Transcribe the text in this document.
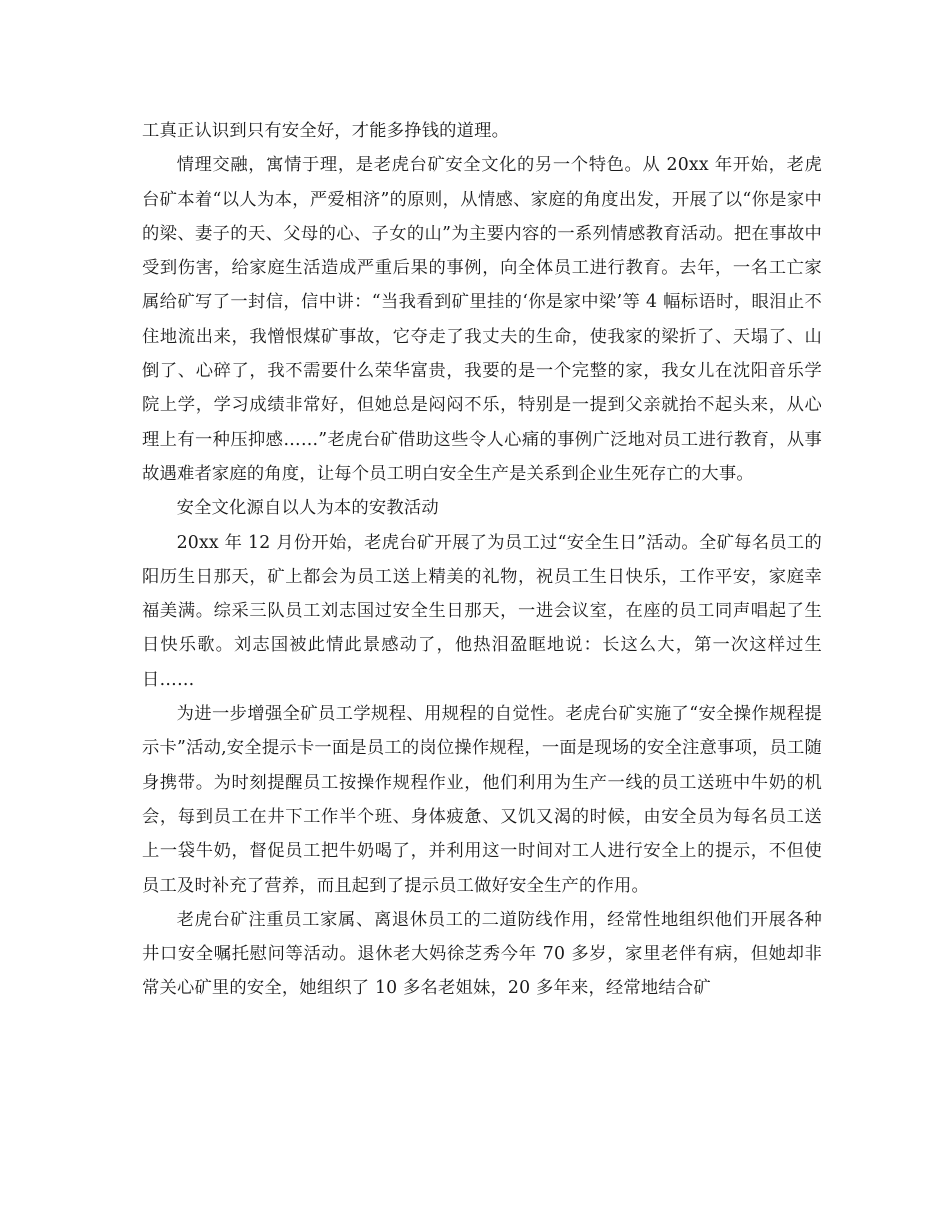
工真正认识到只有安全好，才能多挣钱的道理。

情理交融，寓情于理，是老虎台矿安全文化的另一个特色。从 20xx 年开始，老虎台矿本着“以人为本，严爱相济”的原则，从情感、家庭的角度出发，开展了以“你是家中的梁、妻子的天、父母的心、子女的山”为主要内容的一系列情感教育活动。把在事故中受到伤害，给家庭生活造成严重后果的事例，向全体员工进行教育。去年，一名工亡家属给矿写了一封信，信中讲：“当我看到矿里挂的‘你是家中梁’等 4 幅标语时，眼泪止不住地流出来，我憎恨煤矿事故，它夺走了我丈夫的生命，使我家的梁折了、天塌了、山倒了、心碎了，我不需要什么荣华富贵，我要的是一个完整的家，我女儿在沈阳音乐学院上学，学习成绩非常好，但她总是闷闷不乐，特别是一提到父亲就抬不起头来，从心理上有一种压抑感……”老虎台矿借助这些令人心痛的事例广泛地对员工进行教育，从事故遇难者家庭的角度，让每个员工明白安全生产是关系到企业生死存亡的大事。

安全文化源自以人为本的安教活动

20xx 年 12 月份开始，老虎台矿开展了为员工过“安全生日”活动。全矿每名员工的阳历生日那天，矿上都会为员工送上精美的礼物，祝员工生日快乐，工作平安，家庭幸福美满。综采三队员工刘志国过安全生日那天，一进会议室，在座的员工同声唱起了生日快乐歌。刘志国被此情此景感动了，他热泪盈眶地说：长这么大，第一次这样过生日……

为进一步增强全矿员工学规程、用规程的自觉性。老虎台矿实施了“安全操作规程提示卡”活动,安全提示卡一面是员工的岗位操作规程，一面是现场的安全注意事项，员工随身携带。为时刻提醒员工按操作规程作业，他们利用为生产一线的员工送班中牛奶的机会，每到员工在井下工作半个班、身体疲惫、又饥又渴的时候，由安全员为每名员工送上一袋牛奶，督促员工把牛奶喝了，并利用这一时间对工人进行安全上的提示，不但使员工及时补充了营养，而且起到了提示员工做好安全生产的作用。

老虎台矿注重员工家属、离退休员工的二道防线作用，经常性地组织他们开展各种井口安全嘱托慰问等活动。退休老大妈徐芝秀今年 70 多岁，家里老伴有病，但她却非常关心矿里的安全，她组织了 10 多名老姐妹，20 多年来，经常地结合矿
